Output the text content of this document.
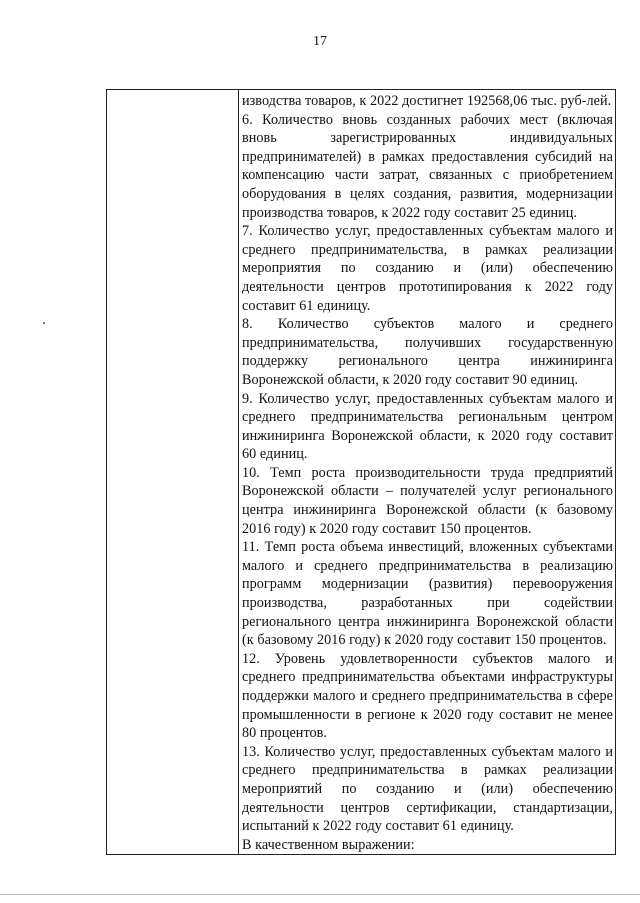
17

изводства товаров, к 2022 достигнет 192568,06 тыс. руб-лей.

6. Количество вновь созданных рабочих мест (включая вновь зарегистрированных индивидуальных предпринимателей) в рамках предоставления субсидий на компенсацию части затрат, связанных с приобретением оборудования в целях создания, развития, модернизации производства товаров, к 2022 году составит 25 единиц.

7. Количество услуг, предоставленных субъектам малого и среднего предпринимательства, в рамках реализации мероприятия по созданию и (или) обеспечению деятельности центров прототипирования к 2022 году составит 61 единицу.

8. Количество субъектов малого и среднего предпринимательства, получивших государственную поддержку регионального центра инжиниринга Воронежской области, к 2020 году составит 90 единиц.

9. Количество услуг, предоставленных субъектам малого и среднего предпринимательства региональным центром инжиниринга Воронежской области, к 2020 году составит 60 единиц.

10. Темп роста производительности труда предприятий Воронежской области – получателей услуг регионального центра инжиниринга Воронежской области (к базовому 2016 году) к 2020 году составит 150 процентов.

11. Темп роста объема инвестиций, вложенных субъектами малого и среднего предпринимательства в реализацию программ модернизации (развития) перевооружения производства, разработанных при содействии регионального центра инжиниринга Воронежской области (к базовому 2016 году) к 2020 году составит 150 процентов.

12. Уровень удовлетворенности субъектов малого и среднего предпринимательства объектами инфраструктуры поддержки малого и среднего предпринимательства в сфере промышленности в регионе к 2020 году составит не менее 80 процентов.

13. Количество услуг, предоставленных субъектам малого и среднего предпринимательства в рамках реализации мероприятий по созданию и (или) обеспечению деятельности центров сертификации, стандартизации, испытаний к 2022 году составит 61 единицу.

В качественном выражении:
